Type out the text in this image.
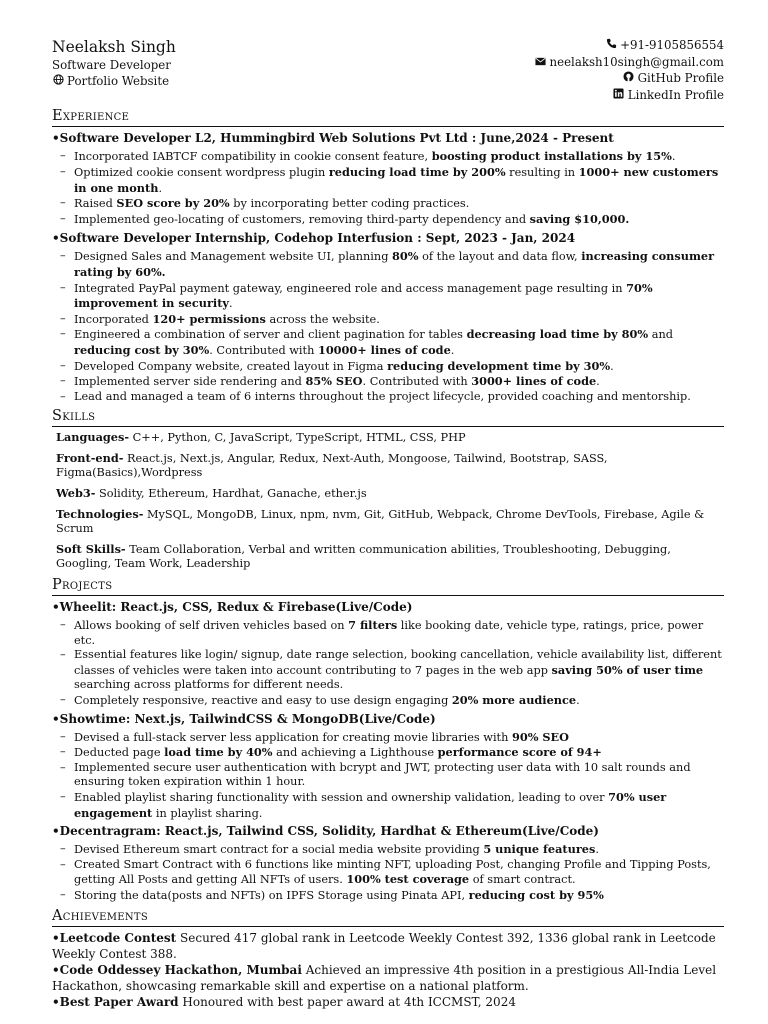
Neelaksh Singh
Software Developer
Portfolio Website
+91-9105856554
neelaksh10singh@gmail.com
GitHub Profile
LinkedIn Profile
Experience
•Software Developer L2, Hummingbird Web Solutions Pvt Ltd : June,2024 - Present
– Incorporated IABTCF compatibility in cookie consent feature, boosting product installations by 15%.
– Optimized cookie consent wordpress plugin reducing load time by 200% resulting in 1000+ new customers in one month.
– Raised SEO score by 20% by incorporating better coding practices.
– Implemented geo-locating of customers, removing third-party dependency and saving $10,000.
•Software Developer Internship, Codehop Interfusion : Sept, 2023 - Jan, 2024
– Designed Sales and Management website UI, planning 80% of the layout and data flow, increasing consumer rating by 60%.
– Integrated PayPal payment gateway, engineered role and access management page resulting in 70% improvement in security.
– Incorporated 120+ permissions across the website.
– Engineered a combination of server and client pagination for tables decreasing load time by 80% and reducing cost by 30%. Contributed with 10000+ lines of code.
– Developed Company website, created layout in Figma reducing development time by 30%.
– Implemented server side rendering and 85% SEO. Contributed with 3000+ lines of code.
– Lead and managed a team of 6 interns throughout the project lifecycle, provided coaching and mentorship.
Skills
Languages- C++, Python, C, JavaScript, TypeScript, HTML, CSS, PHP
Front-end- React.js, Next.js, Angular, Redux, Next-Auth, Mongoose, Tailwind, Bootstrap, SASS, Figma(Basics),Wordpress
Web3- Solidity, Ethereum, Hardhat, Ganache, ether.js
Technologies- MySQL, MongoDB, Linux, npm, nvm, Git, GitHub, Webpack, Chrome DevTools, Firebase, Agile & Scrum
Soft Skills- Team Collaboration, Verbal and written communication abilities, Troubleshooting, Debugging, Googling, Team Work, Leadership
Projects
•Wheelit: React.js, CSS, Redux & Firebase(Live/Code)
– Allows booking of self driven vehicles based on 7 filters like booking date, vehicle type, ratings, price, power etc.
– Essential features like login/ signup, date range selection, booking cancellation, vehicle availability list, different classes of vehicles were taken into account contributing to 7 pages in the web app saving 50% of user time searching across platforms for different needs.
– Completely responsive, reactive and easy to use design engaging 20% more audience.
•Showtime: Next.js, TailwindCSS & MongoDB(Live/Code)
– Devised a full-stack server less application for creating movie libraries with 90% SEO
– Deducted page load time by 40% and achieving a Lighthouse performance score of 94+
– Implemented secure user authentication with bcrypt and JWT, protecting user data with 10 salt rounds and ensuring token expiration within 1 hour.
– Enabled playlist sharing functionality with session and ownership validation, leading to over 70% user engagement in playlist sharing.
•Decentragram: React.js, Tailwind CSS, Solidity, Hardhat & Ethereum(Live/Code)
– Devised Ethereum smart contract for a social media website providing 5 unique features.
– Created Smart Contract with 6 functions like minting NFT, uploading Post, changing Profile and Tipping Posts, getting All Posts and getting All NFTs of users. 100% test coverage of smart contract.
– Storing the data(posts and NFTs) on IPFS Storage using Pinata API, reducing cost by 95%
Achievements
•Leetcode Contest Secured 417 global rank in Leetcode Weekly Contest 392, 1336 global rank in Leetcode Weekly Contest 388.
•Code Oddessey Hackathon, Mumbai Achieved an impressive 4th position in a prestigious All-India Level Hackathon, showcasing remarkable skill and expertise on a national platform.
•Best Paper Award Honoured with best paper award at 4th ICCMST, 2024
